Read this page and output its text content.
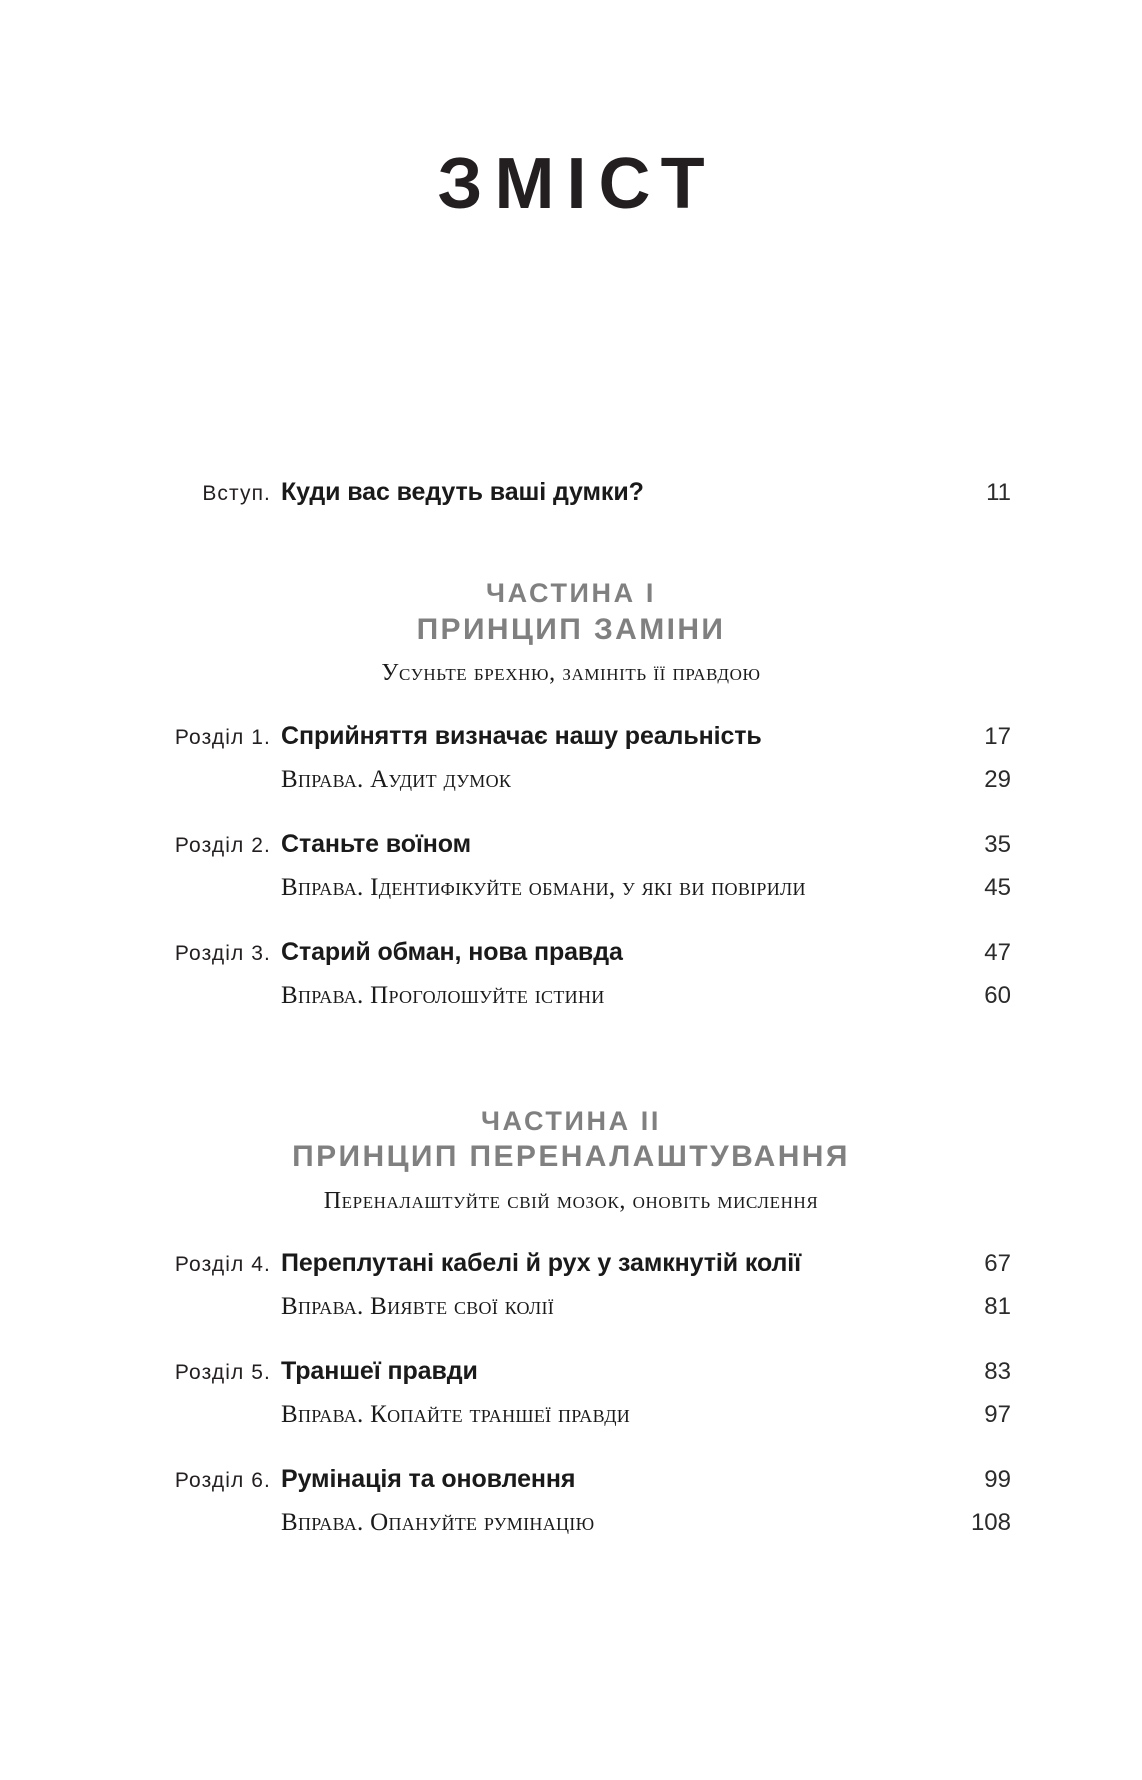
ЗМІСТ
Вступ. Куди вас ведуть ваші думки?	11
ЧАСТИНА I
ПРИНЦИП ЗАМІНИ
Усуньте брехню, замініть її правдою
Розділ 1. Сприйняття визначає нашу реальність	17
Вправа. Аудит думок	29
Розділ 2. Станьте воїном	35
Вправа. Ідентифікуйте обмани, у які ви повірили	45
Розділ 3. Старий обман, нова правда	47
Вправа. Проголошуйте істини	60
ЧАСТИНА II
ПРИНЦИП ПЕРЕНАЛАШТУВАННЯ
Переналаштуйте свій мозок, оновіть мислення
Розділ 4. Переплутані кабелі й рух у замкнутій колії	67
Вправа. Виявте свої колії	81
Розділ 5. Траншеї правди	83
Вправа. Копайте траншеї правди	97
Розділ 6. Румінація та оновлення	99
Вправа. Опануйте румінацію	108
